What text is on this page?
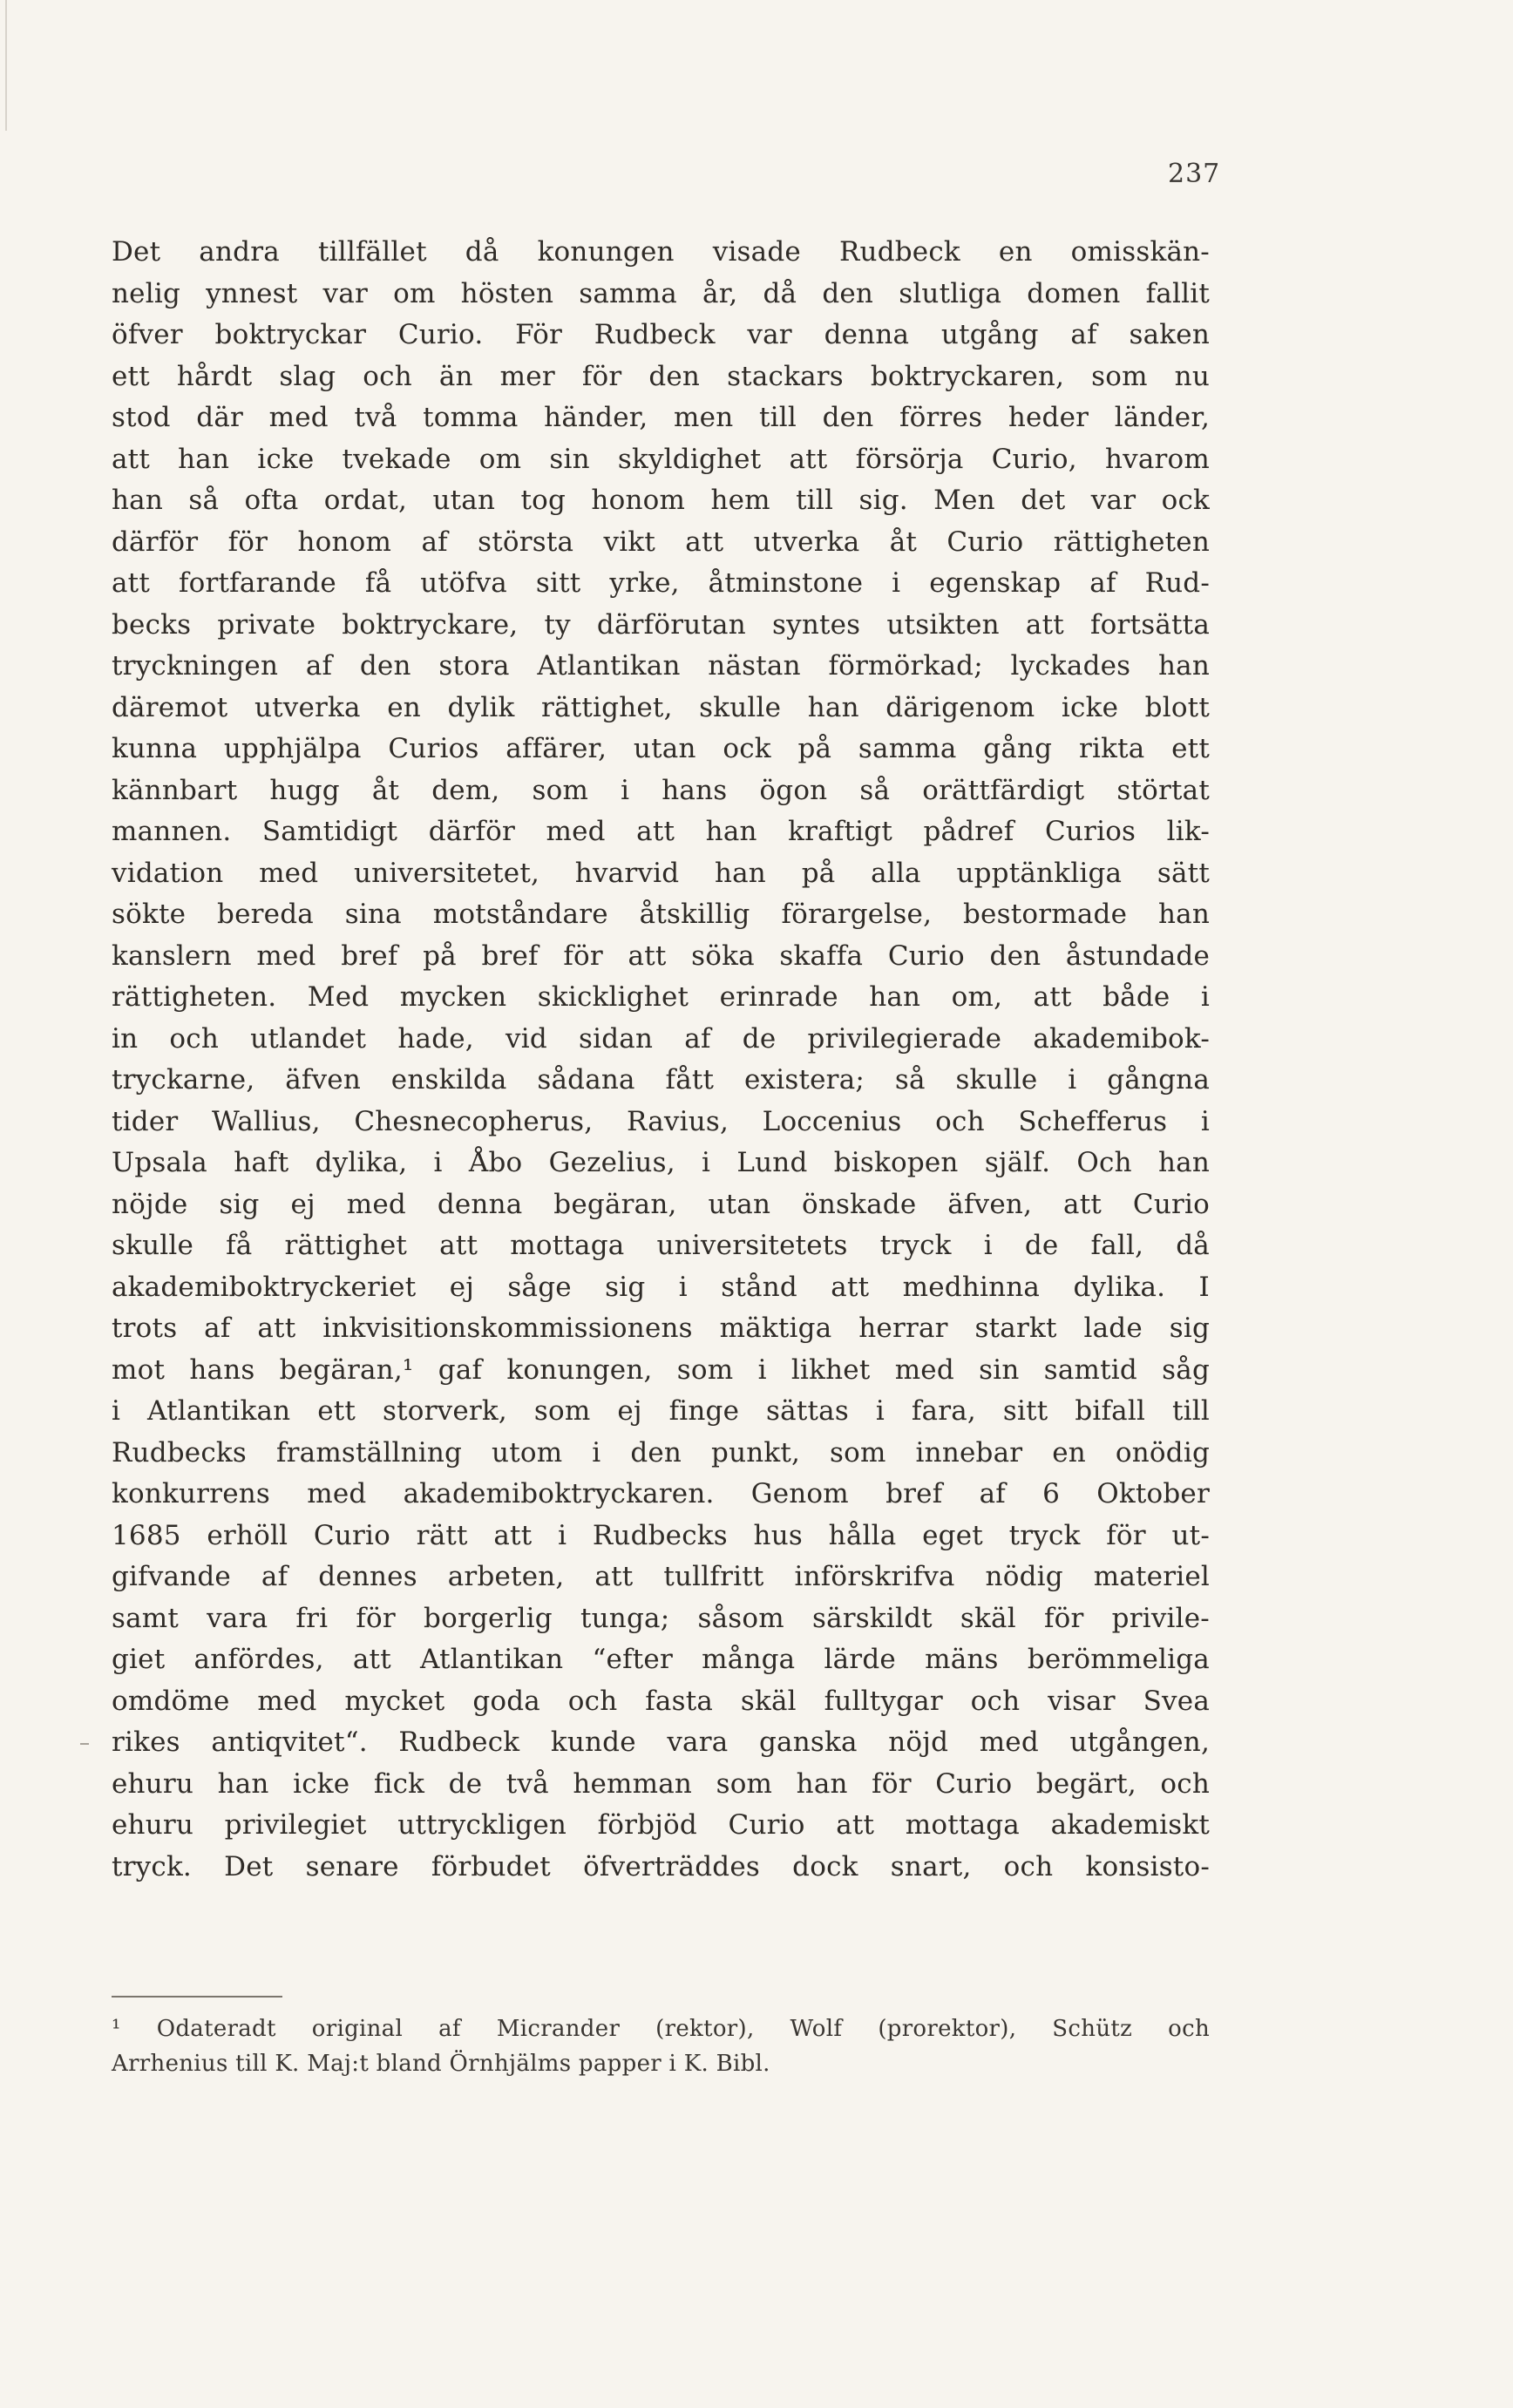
237
Det andra tillfället då konungen visade Rudbeck en omisskän-
nelig ynnest var om hösten samma år, då den slutliga domen fallit
öfver boktryckar Curio. För Rudbeck var denna utgång af saken
ett hårdt slag och än mer för den stackars boktryckaren, som nu
stod där med två tomma händer, men till den förres heder länder,
att han icke tvekade om sin skyldighet att försörja Curio, hvarom
han så ofta ordat, utan tog honom hem till sig. Men det var ock
därför för honom af största vikt att utverka åt Curio rättigheten
att fortfarande få utöfva sitt yrke, åtminstone i egenskap af Rud-
becks private boktryckare, ty därförutan syntes utsikten att fortsätta
tryckningen af den stora Atlantikan nästan förmörkad; lyckades han
däremot utverka en dylik rättighet, skulle han därigenom icke blott
kunna upphjälpa Curios affärer, utan ock på samma gång rikta ett
kännbart hugg åt dem, som i hans ögon så orättfärdigt störtat
mannen. Samtidigt därför med att han kraftigt pådref Curios lik-
vidation med universitetet, hvarvid han på alla upptänkliga sätt
sökte bereda sina motståndare åtskillig förargelse, bestormade han
kanslern med bref på bref för att söka skaffa Curio den åstundade
rättigheten. Med mycken skicklighet erinrade han om, att både i
in och utlandet hade, vid sidan af de privilegierade akademibok-
tryckarne, äfven enskilda sådana fått existera; så skulle i gångna
tider Wallius, Chesnecopherus, Ravius, Loccenius och Schefferus i
Upsala haft dylika, i Åbo Gezelius, i Lund biskopen själf. Och han
nöjde sig ej med denna begäran, utan önskade äfven, att Curio
skulle få rättighet att mottaga universitetets tryck i de fall, då
akademiboktryckeriet ej såge sig i stånd att medhinna dylika. I
trots af att inkvisitionskommissionens mäktiga herrar starkt lade sig
mot hans begäran,¹ gaf konungen, som i likhet med sin samtid såg
i Atlantikan ett storverk, som ej finge sättas i fara, sitt bifall till
Rudbecks framställning utom i den punkt, som innebar en onödig
konkurrens med akademiboktryckaren. Genom bref af 6 Oktober
1685 erhöll Curio rätt att i Rudbecks hus hålla eget tryck för ut-
gifvande af dennes arbeten, att tullfritt införskrifva nödig materiel
samt vara fri för borgerlig tunga; såsom särskildt skäl för privile-
giet anfördes, att Atlantikan “efter många lärde mäns berömmeliga
omdöme med mycket goda och fasta skäl fulltygar och visar Svea
rikes antiqvitet“. Rudbeck kunde vara ganska nöjd med utgången,
ehuru han icke fick de två hemman som han för Curio begärt, och
ehuru privilegiet uttryckligen förbjöd Curio att mottaga akademiskt
tryck. Det senare förbudet öfverträddes dock snart, och konsisto-
¹ Odateradt original af Micrander (rektor), Wolf (prorektor), Schütz och
Arrhenius till K. Maj:t bland Örnhjälms papper i K. Bibl.
